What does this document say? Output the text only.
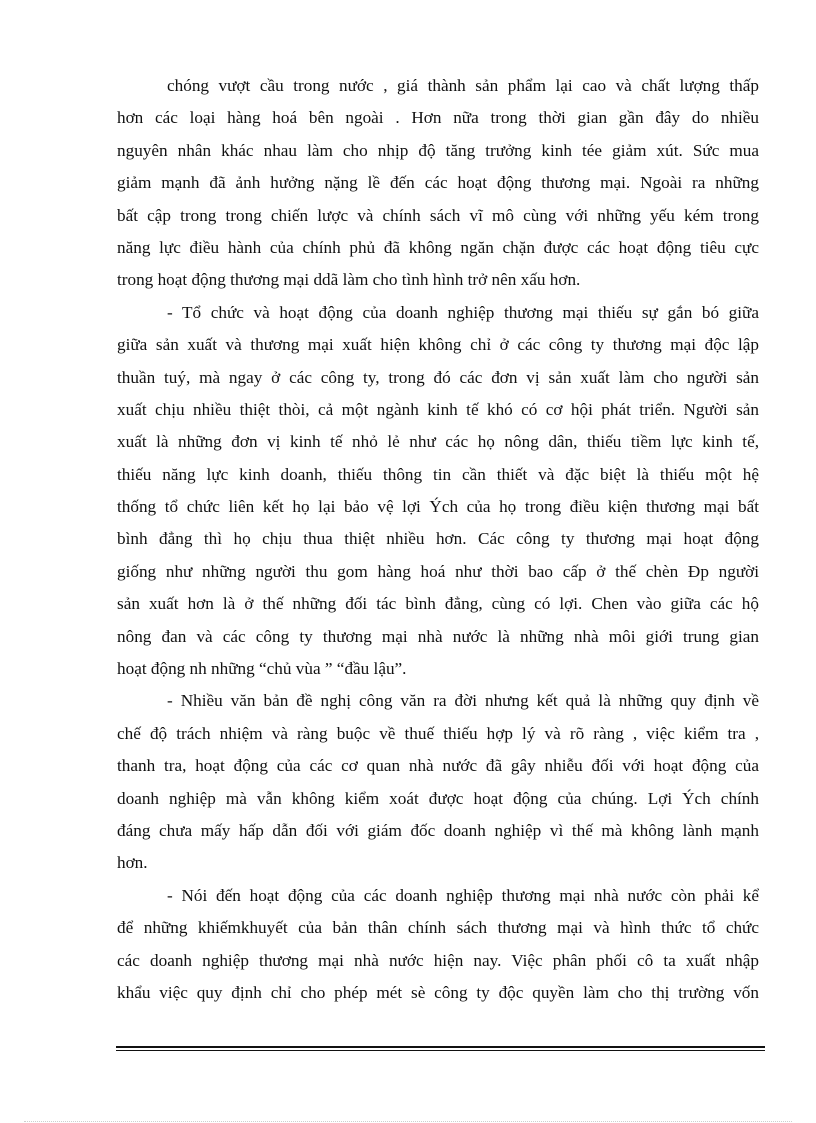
chóng vượt cầu trong nước , giá thành sản phẩm lại cao và chất lượng thấp
hơn các loại hàng hoá bên ngoài . Hơn nữa trong thời gian gần đây do nhiều
nguyên nhân khác nhau làm cho nhịp độ tăng trưởng kinh tée giảm xút. Sức mua
giảm mạnh đã ảnh hưởng nặng lề đến các hoạt động thương mại. Ngoài ra những
bất cập trong trong chiến lược và chính sách vĩ mô cùng với những yếu kém trong
năng lực điều hành của chính phủ đã không ngăn chặn được các hoạt động tiêu cực
trong hoạt động thương mại ddã làm cho tình hình trở nên xấu hơn.
- Tổ chức và hoạt động của doanh nghiệp thương mại thiếu sự gắn bó giữa
giữa sản xuất và thương mại xuất hiện không chỉ ở các công ty thương mại độc lập
thuần tuý, mà ngay ở các công ty, trong đó các đơn vị sản xuất làm cho người sản
xuất chịu nhiều thiệt thòi, cả một ngành kinh tế khó có cơ hội phát triển. Người sản
xuất là những đơn vị kinh tế nhỏ lẻ như các họ nông dân, thiếu tiềm lực kinh tế,
thiếu năng lực kinh doanh, thiếu thông tin cần thiết và đặc biệt là thiếu một hệ
thống tổ chức liên kết họ lại bảo vệ lợi Ých của họ trong điều kiện thương mại bất
bình đẳng thì họ chịu thua thiệt nhiều hơn. Các công ty thương mại hoạt động
giống như những người thu gom hàng hoá như thời bao cấp ở thế chèn Ðp người
sản xuất hơn là ở thế những đối tác bình đẳng, cùng có lợi. Chen vào giữa các hộ
nông đan và các công ty thương mại nhà nước là những nhà môi giới trung gian
hoạt động nh những “chủ vùa ” “đầu lậu”.
- Nhiều văn bản đề nghị công văn ra đời nhưng kết quả là những quy định về
chế độ trách nhiệm và ràng buộc về thuế thiếu hợp lý và rõ ràng , việc kiểm tra ,
thanh tra, hoạt động của các cơ quan nhà nước đã gây nhiễu đối với hoạt động của
doanh nghiệp mà vẫn không kiểm xoát được hoạt động của chúng. Lợi Ých chính
đáng chưa mấy hấp dẫn đối với giám đốc doanh nghiệp vì thế mà không lành mạnh
hơn.
- Nói đến hoạt động của các doanh nghiệp thương mại nhà nước còn phải kể
để những khiếmkhuyết của bản thân chính sách thương mại và hình thức tổ chức
các doanh nghiệp thương mại nhà nước hiện nay. Việc phân phối cô ta xuất nhập
khẩu việc quy định chỉ cho phép mét sè công ty độc quyền làm cho thị trường vốn
